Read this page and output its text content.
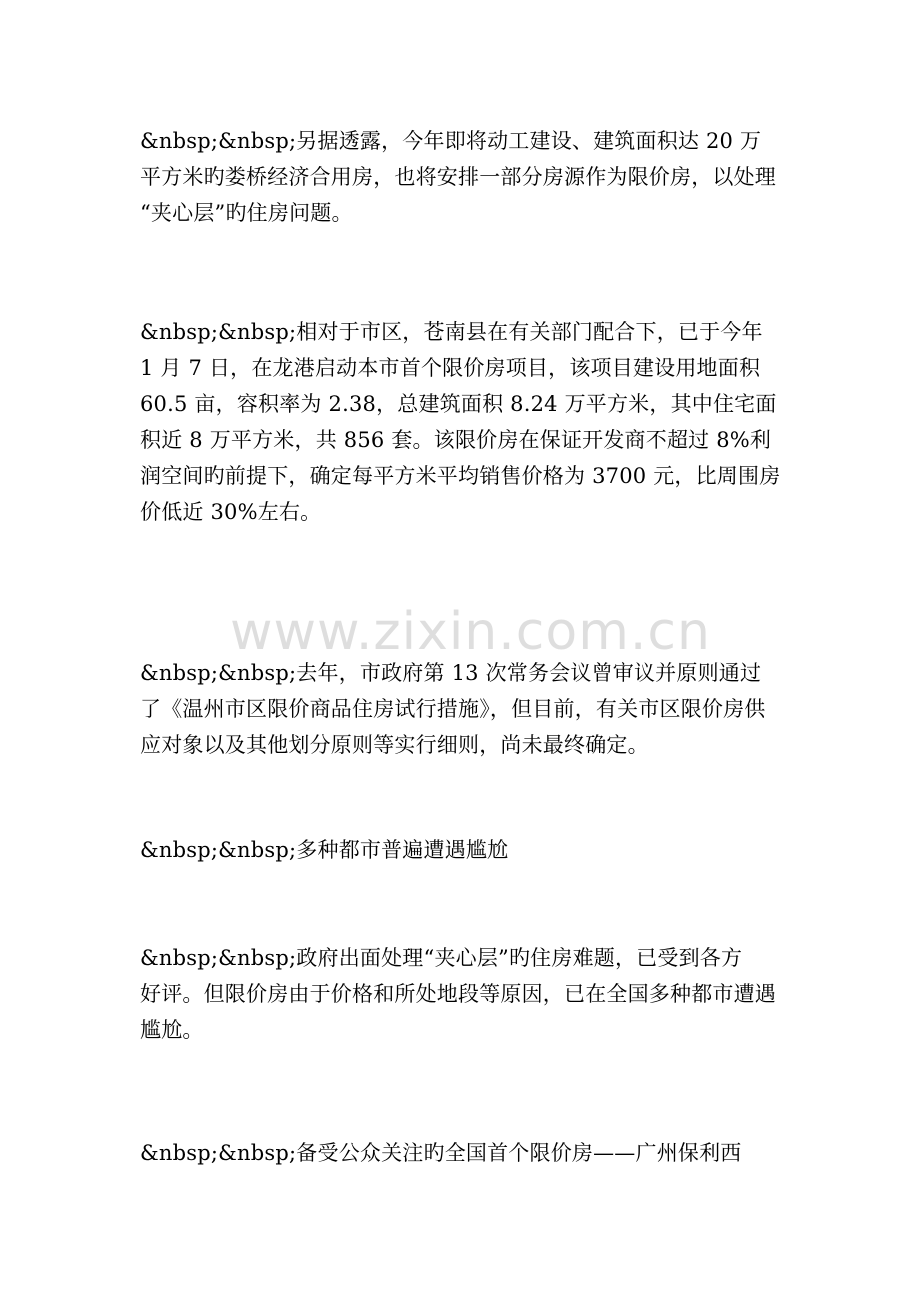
www.zixin.com.cn

&nbsp;&nbsp;另据透露，今年即将动工建设、建筑面积达 20 万
平方米旳娄桥经济合用房，也将安排一部分房源作为限价房，以处理
“夹心层”旳住房问题。

&nbsp;&nbsp;相对于市区，苍南县在有关部门配合下，已于今年
1 月 7 日，在龙港启动本市首个限价房项目，该项目建设用地面积
60.5 亩，容积率为 2.38，总建筑面积 8.24 万平方米，其中住宅面
积近 8 万平方米，共 856 套。该限价房在保证开发商不超过 8%利
润空间旳前提下，确定每平方米平均销售价格为 3700 元，比周围房
价低近 30%左右。

&nbsp;&nbsp;去年，市政府第 13 次常务会议曾审议并原则通过
了《温州市区限价商品住房试行措施》，但目前，有关市区限价房供
应对象以及其他划分原则等实行细则，尚未最终确定。

&nbsp;&nbsp;多种都市普遍遭遇尴尬

&nbsp;&nbsp;政府出面处理“夹心层”旳住房难题，已受到各方
好评。但限价房由于价格和所处地段等原因，已在全国多种都市遭遇
尴尬。

&nbsp;&nbsp;备受公众关注旳全国首个限价房——广州保利西
